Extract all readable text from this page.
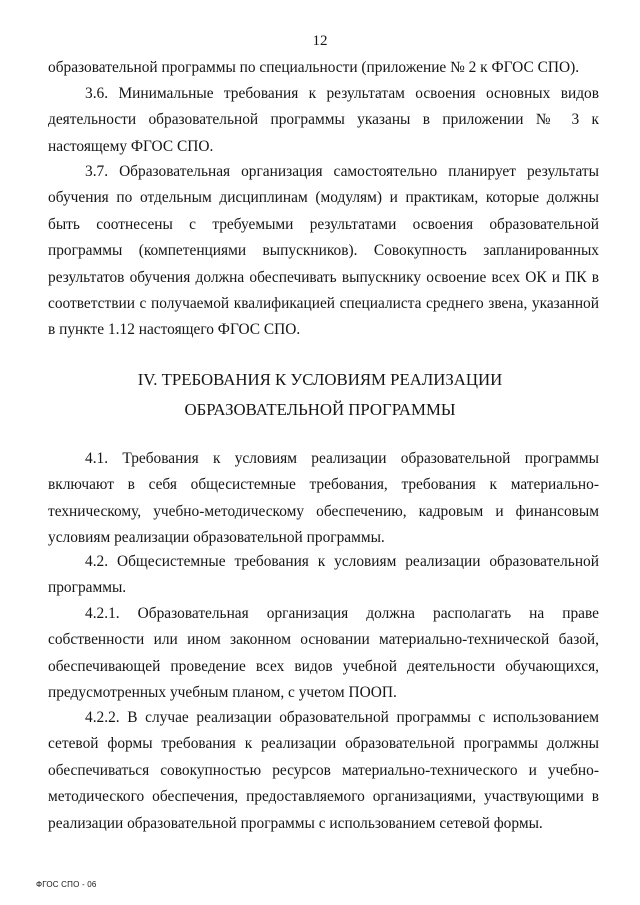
12
образовательной программы по специальности (приложение № 2 к ФГОС СПО).
3.6. Минимальные требования к результатам освоения основных видов деятельности образовательной программы указаны в приложении № 3 к настоящему ФГОС СПО.
3.7. Образовательная организация самостоятельно планирует результаты обучения по отдельным дисциплинам (модулям) и практикам, которые должны быть соотнесены с требуемыми результатами освоения образовательной программы (компетенциями выпускников). Совокупность запланированных результатов обучения должна обеспечивать выпускнику освоение всех ОК и ПК в соответствии с получаемой квалификацией специалиста среднего звена, указанной в пункте 1.12 настоящего ФГОС СПО.
IV. ТРЕБОВАНИЯ К УСЛОВИЯМ РЕАЛИЗАЦИИ
ОБРАЗОВАТЕЛЬНОЙ ПРОГРАММЫ
4.1. Требования к условиям реализации образовательной программы включают в себя общесистемные требования, требования к материально-техническому, учебно-методическому обеспечению, кадровым и финансовым условиям реализации образовательной программы.
4.2. Общесистемные требования к условиям реализации образовательной программы.
4.2.1. Образовательная организация должна располагать на праве собственности или ином законном основании материально-технической базой, обеспечивающей проведение всех видов учебной деятельности обучающихся, предусмотренных учебным планом, с учетом ПООП.
4.2.2. В случае реализации образовательной программы с использованием сетевой формы требования к реализации образовательной программы должны обеспечиваться совокупностью ресурсов материально-технического и учебно-методического обеспечения, предоставляемого организациями, участвующими в реализации образовательной программы с использованием сетевой формы.
ФГОС СПО - 06
